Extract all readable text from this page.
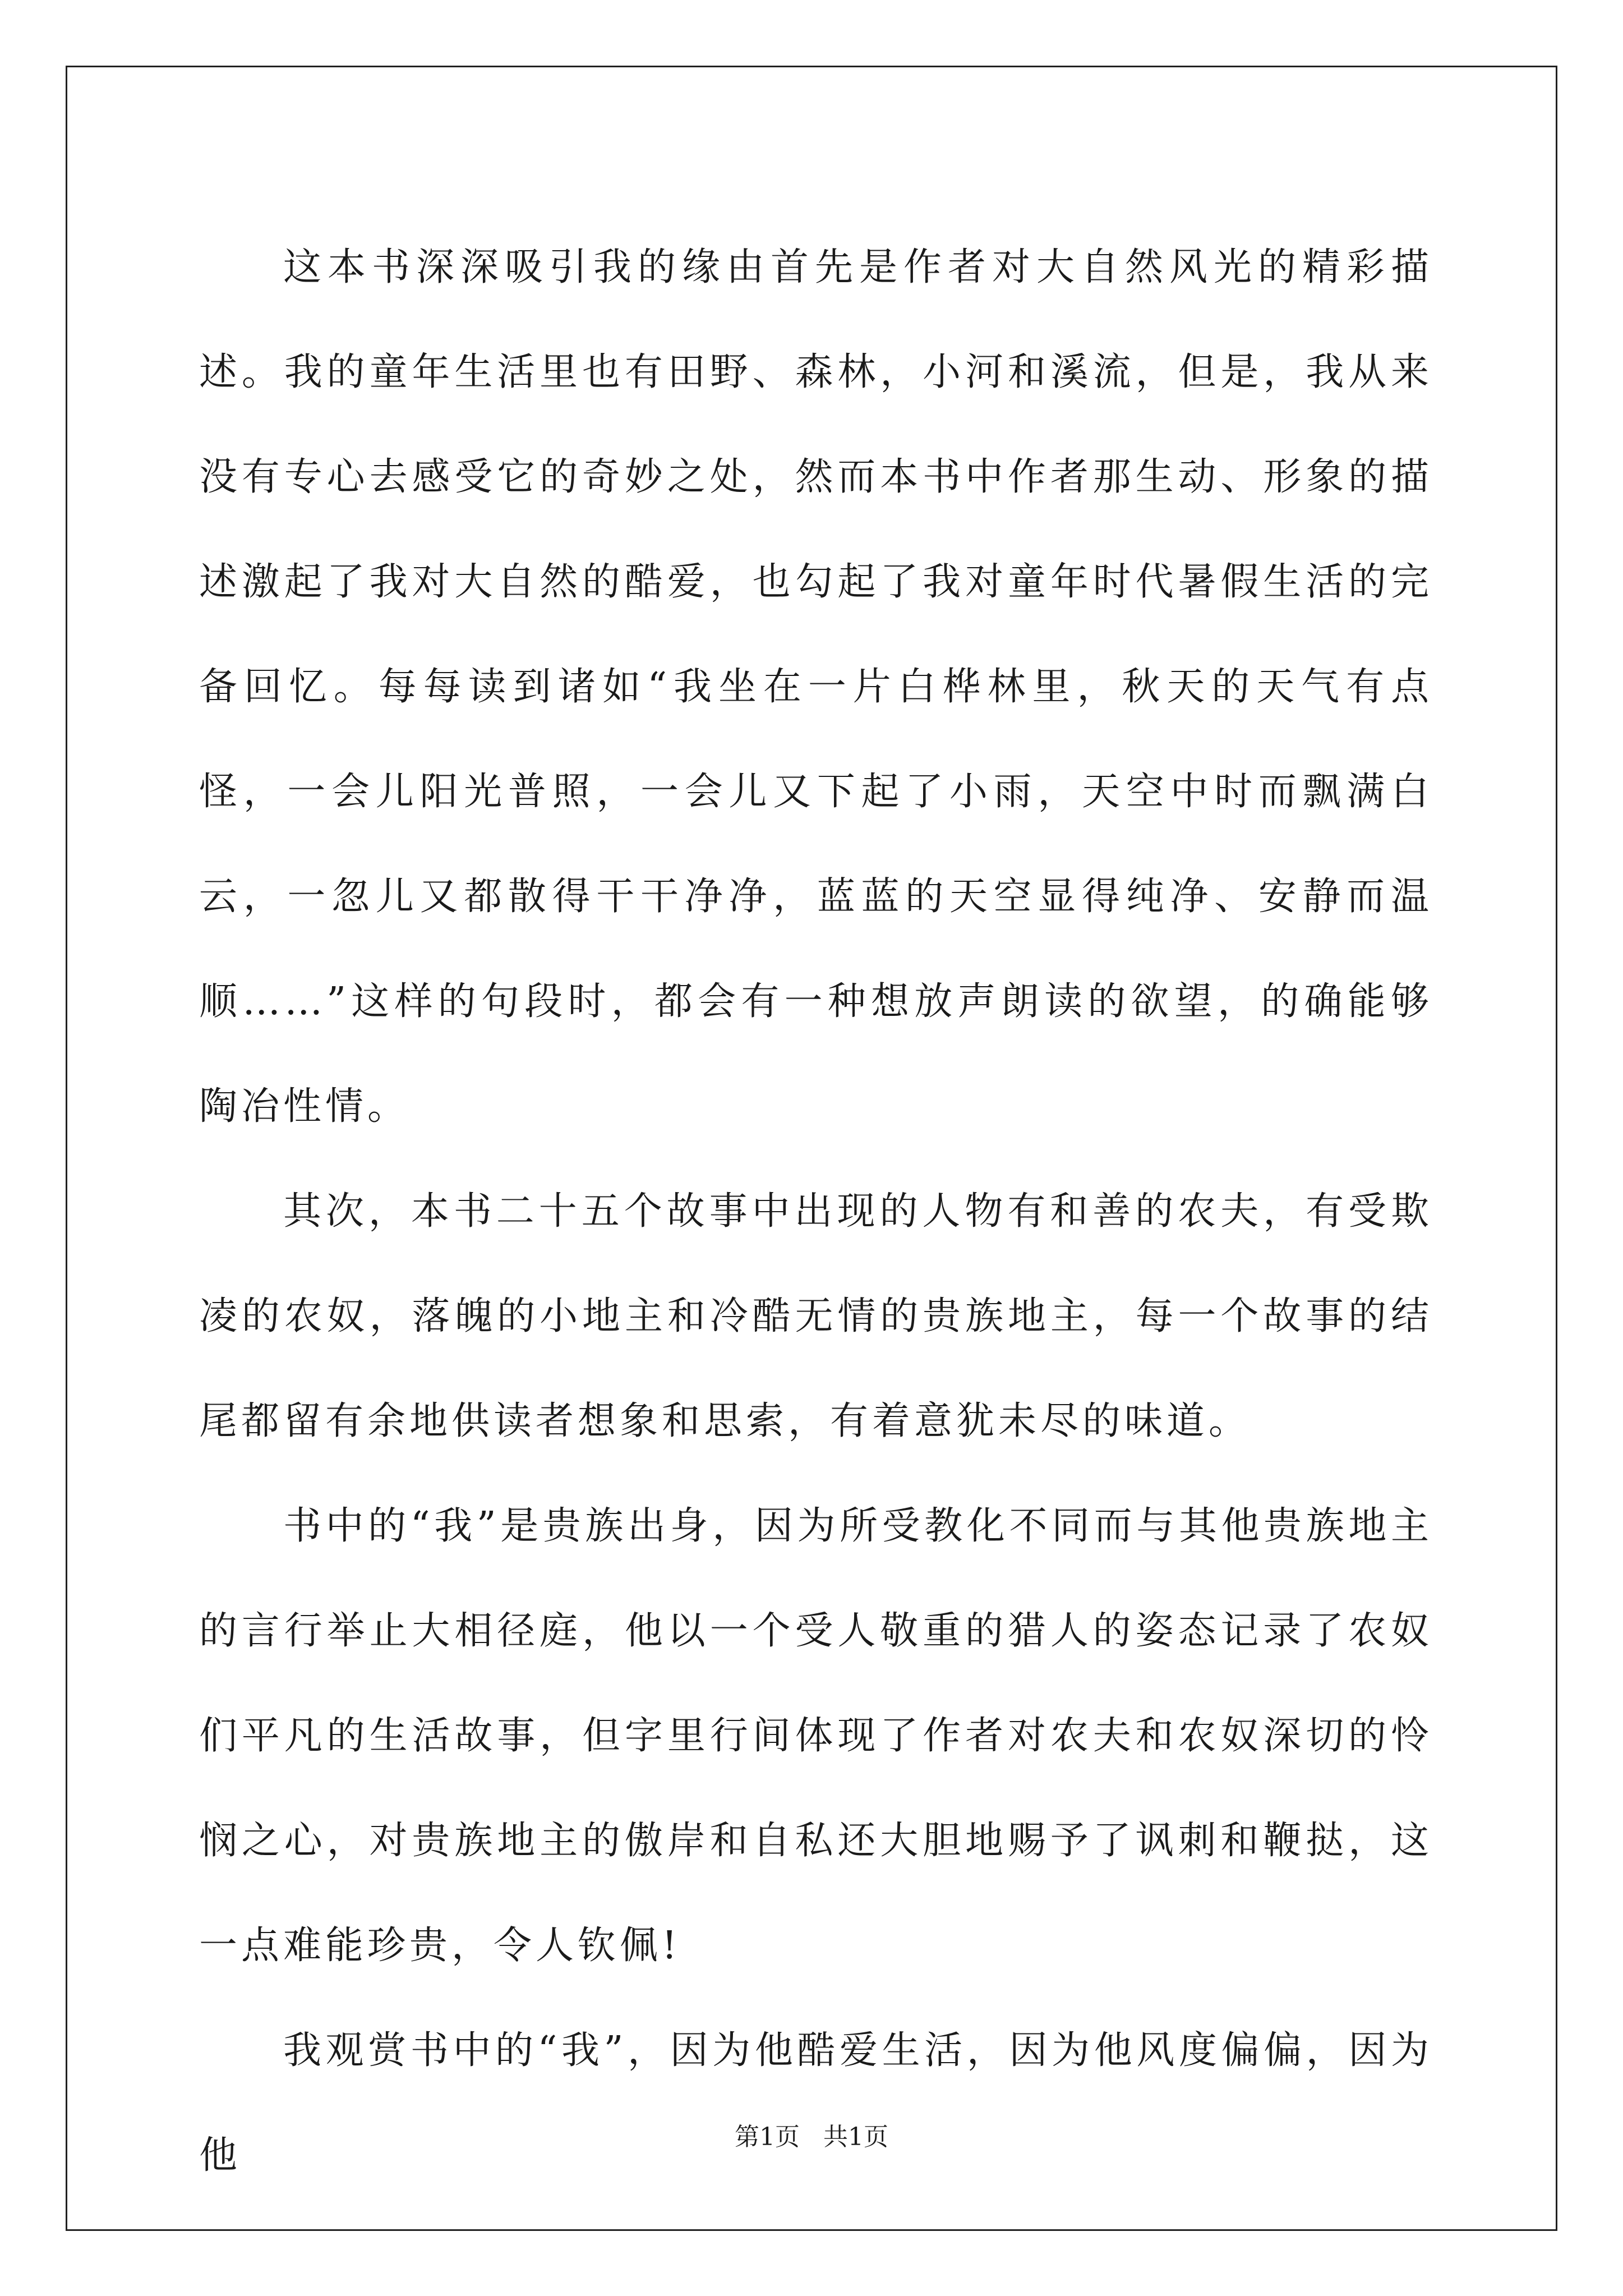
这本书深深吸引我的缘由首先是作者对大自然风光的精彩描述。我的童年生活里也有田野、森林，小河和溪流，但是，我从来没有专心去感受它的奇妙之处，然而本书中作者那生动、形象的描述激起了我对大自然的酷爱，也勾起了我对童年时代暑假生活的完备回忆。每每读到诸如“我坐在一片白桦林里，秋天的天气有点怪，一会儿阳光普照，一会儿又下起了小雨，天空中时而飘满白云，一忽儿又都散得干干净净，蓝蓝的天空显得纯净、安静而温顺……”这样的句段时，都会有一种想放声朗读的欲望，的确能够陶冶性情。

其次，本书二十五个故事中出现的人物有和善的农夫，有受欺凌的农奴，落魄的小地主和冷酷无情的贵族地主，每一个故事的结尾都留有余地供读者想象和思索，有着意犹未尽的味道。

书中的“我”是贵族出身，因为所受教化不同而与其他贵族地主的言行举止大相径庭，他以一个受人敬重的猎人的姿态记录了农奴们平凡的生活故事，但字里行间体现了作者对农夫和农奴深切的怜悯之心，对贵族地主的傲岸和自私还大胆地赐予了讽刺和鞭挞，这一点难能珍贵，令人钦佩!

我观赏书中的“我”，因为他酷爱生活，因为他风度偏偏，因为他	第1页   共1页
